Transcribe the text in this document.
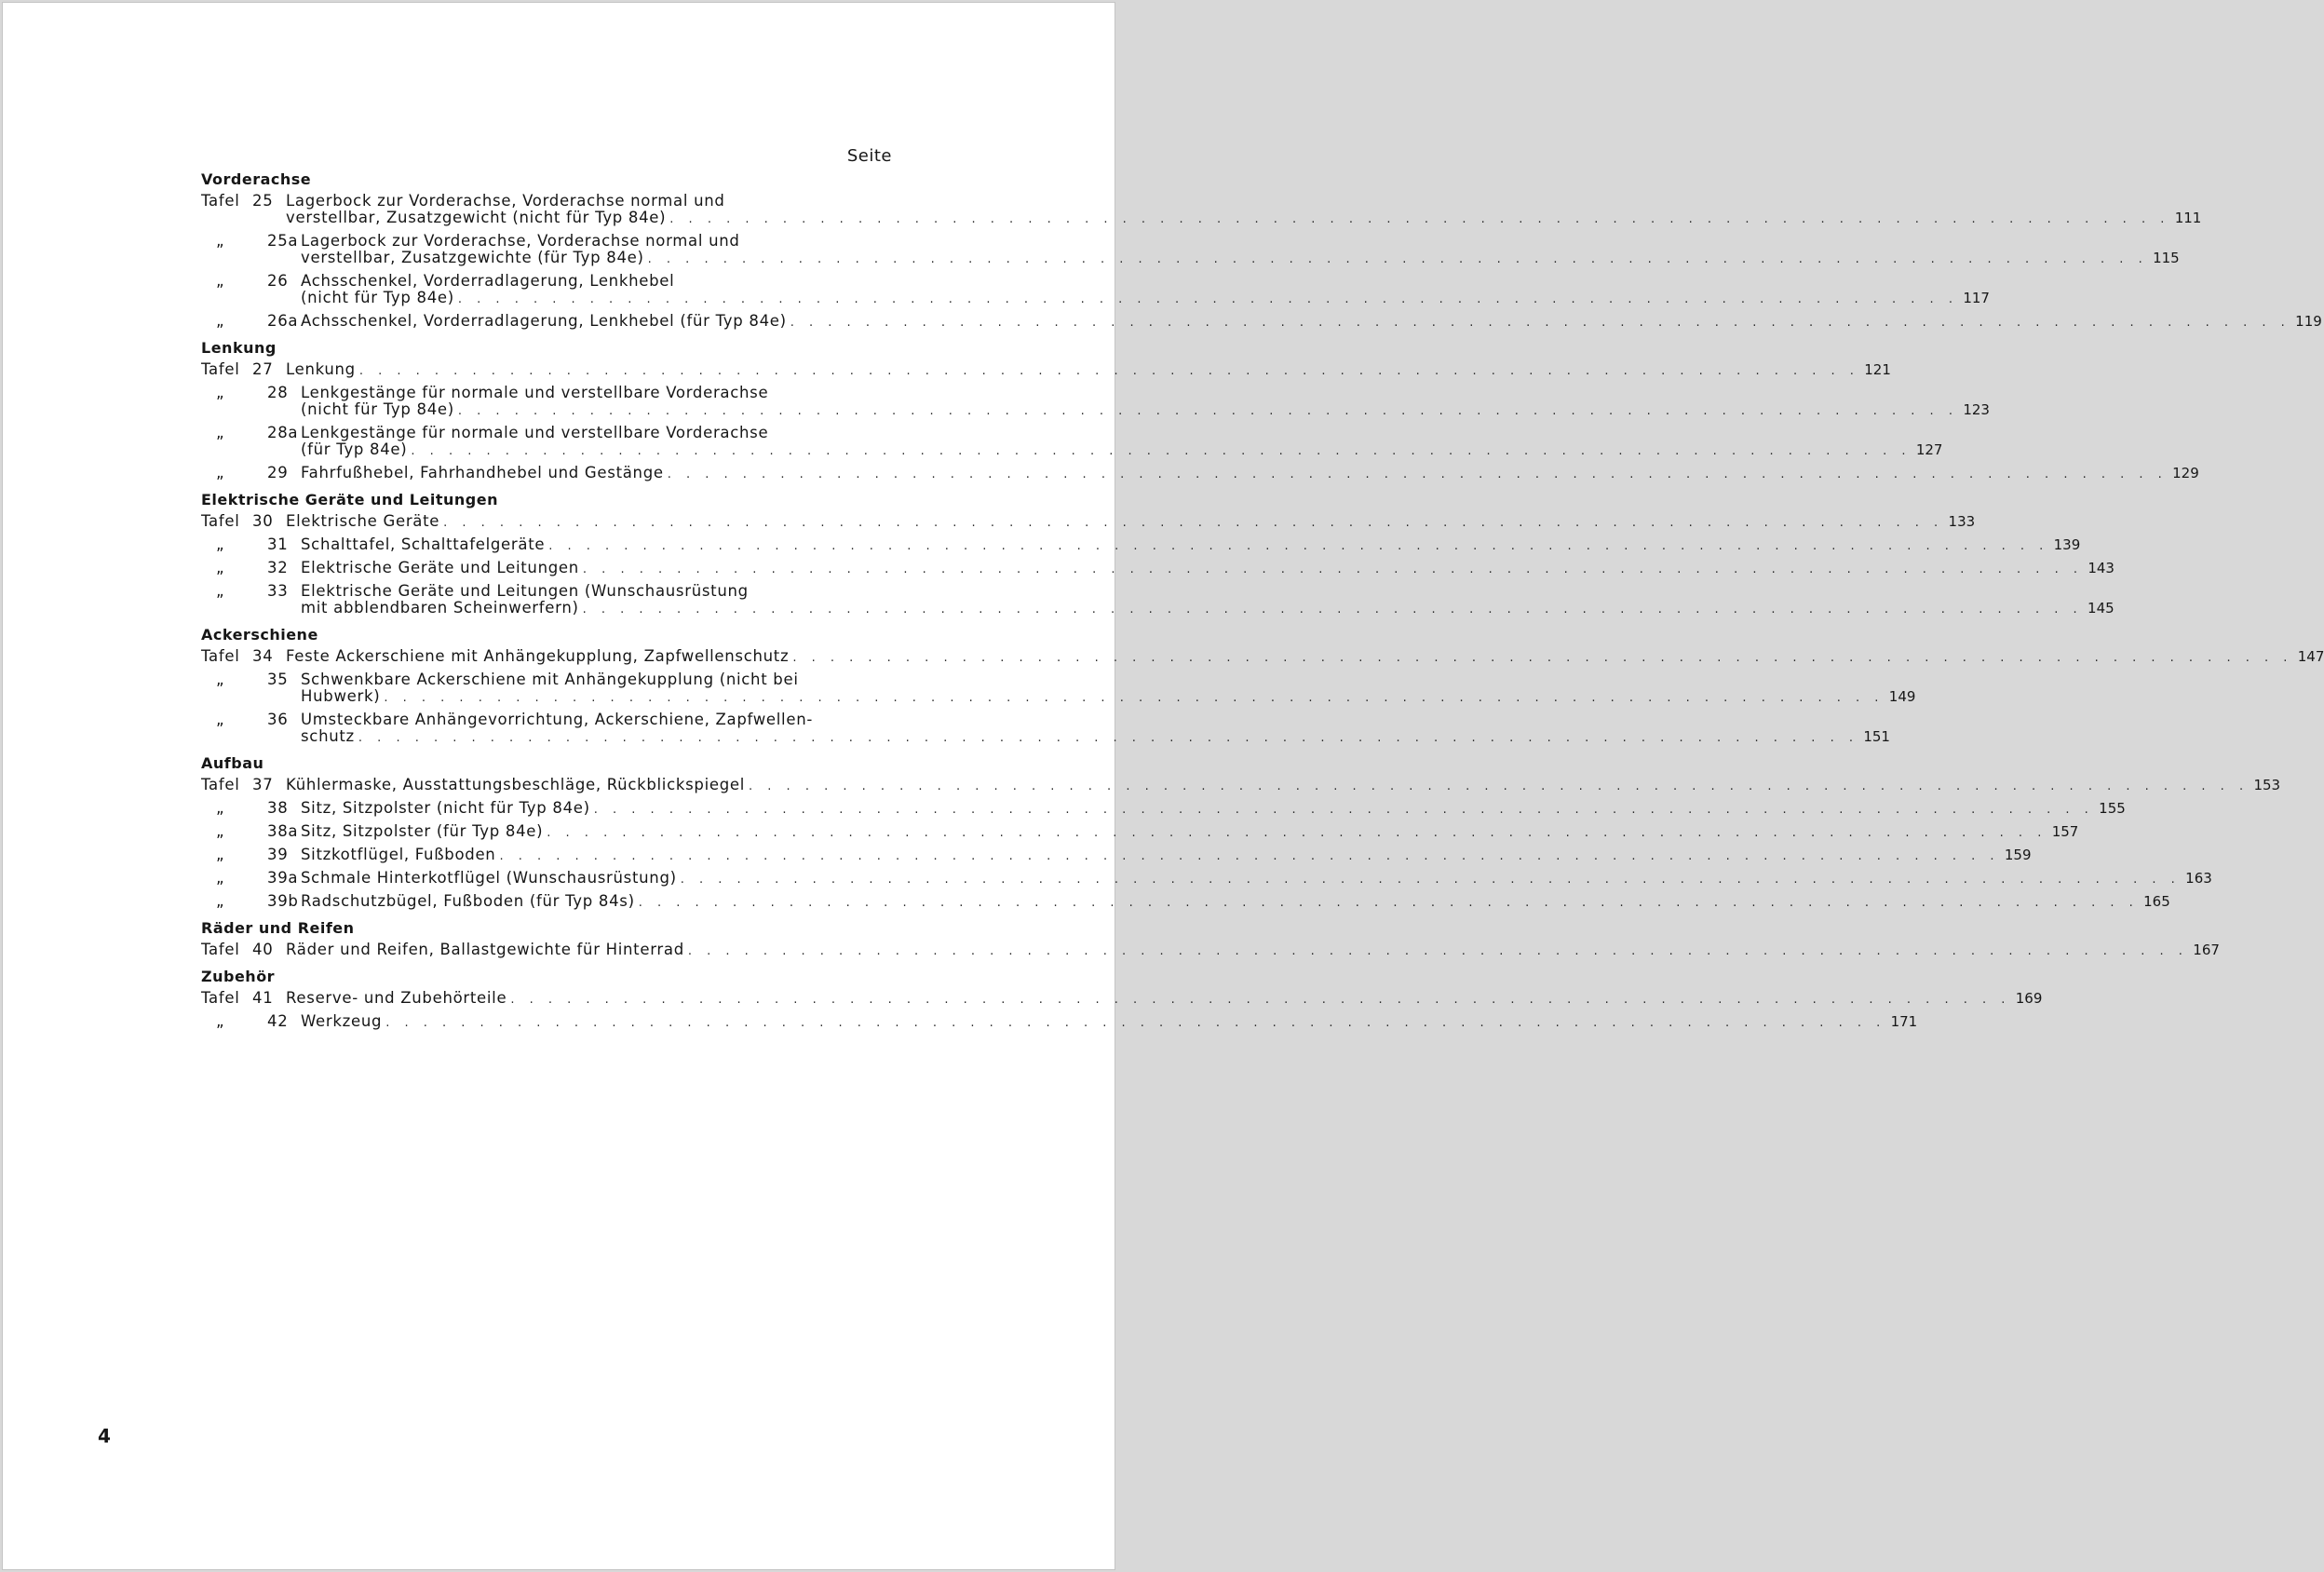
Seite
Vorderachse
Tafel 25 Lagerbock zur Vorderachse, Vorderachse normal und
verstellbar, Zusatzgewicht (nicht für Typ 84e) . . . . . . . . . . . . . . . . . . . . . . . . . . . . . . . . . . . . . . . . . . . . . . . . . . . . . . . . . . . . . . . . . . . . . . . . . . . . . . . . 111
„	25a Lagerbock zur Vorderachse, Vorderachse normal und
verstellbar, Zusatzgewichte (für Typ 84e) . . . . . . . . . . . . . . . . . . . . . . . . . . . . . . . . . . . . . . . . . . . . . . . . . . . . . . . . . . . . . . . . . . . . . . . . . . . . . . . . 115
„	26 Achsschenkel, Vorderradlagerung, Lenkhebel
(nicht für Typ 84e) . . . . . . . . . . . . . . . . . . . . . . . . . . . . . . . . . . . . . . . . . . . . . . . . . . . . . . . . . . . . . . . . . . . . . . . . . . . . . . . . 117
„	26a Achsschenkel, Vorderradlagerung, Lenkhebel (für Typ 84e) . . . . . . . . . . . . . . . . . . . . . . . . . . . . . . . . . . . . . . . . . . . . . . . . . . . . . . . . . . . . . . . . . . . . . . . . . . . . . . . . 119
Lenkung
Tafel 27 Lenkung . . . . . . . . . . . . . . . . . . . . . . . . . . . . . . . . . . . . . . . . . . . . . . . . . . . . . . . . . . . . . . . . . . . . . . . . . . . . . . . . 121
„	28 Lenkgestänge für normale und verstellbare Vorderachse
(nicht für Typ 84e) . . . . . . . . . . . . . . . . . . . . . . . . . . . . . . . . . . . . . . . . . . . . . . . . . . . . . . . . . . . . . . . . . . . . . . . . . . . . . . . . 123
„	28a Lenkgestänge für normale und verstellbare Vorderachse
(für Typ 84e) . . . . . . . . . . . . . . . . . . . . . . . . . . . . . . . . . . . . . . . . . . . . . . . . . . . . . . . . . . . . . . . . . . . . . . . . . . . . . . . . 127
„	29 Fahrfußhebel, Fahrhandhebel und Gestänge . . . . . . . . . . . . . . . . . . . . . . . . . . . . . . . . . . . . . . . . . . . . . . . . . . . . . . . . . . . . . . . . . . . . . . . . . . . . . . . . 129
Elektrische Geräte und Leitungen
Tafel 30 Elektrische Geräte . . . . . . . . . . . . . . . . . . . . . . . . . . . . . . . . . . . . . . . . . . . . . . . . . . . . . . . . . . . . . . . . . . . . . . . . . . . . . . . . 133
„	31 Schalttafel, Schalttafelgeräte . . . . . . . . . . . . . . . . . . . . . . . . . . . . . . . . . . . . . . . . . . . . . . . . . . . . . . . . . . . . . . . . . . . . . . . . . . . . . . . . 139
„	32 Elektrische Geräte und Leitungen . . . . . . . . . . . . . . . . . . . . . . . . . . . . . . . . . . . . . . . . . . . . . . . . . . . . . . . . . . . . . . . . . . . . . . . . . . . . . . . . 143
„	33 Elektrische Geräte und Leitungen (Wunschausrüstung
mit abblendbaren Scheinwerfern) . . . . . . . . . . . . . . . . . . . . . . . . . . . . . . . . . . . . . . . . . . . . . . . . . . . . . . . . . . . . . . . . . . . . . . . . . . . . . . . . 145
Ackerschiene
Tafel 34 Feste Ackerschiene mit Anhängekupplung, Zapfwellenschutz . . . . . . . . . . . . . . . . . . . . . . . . . . . . . . . . . . . . . . . . . . . . . . . . . . . . . . . . . . . . . . . . . . . . . . . . . . . . . . . . 147
„	35 Schwenkbare Ackerschiene mit Anhängekupplung (nicht bei
Hubwerk) . . . . . . . . . . . . . . . . . . . . . . . . . . . . . . . . . . . . . . . . . . . . . . . . . . . . . . . . . . . . . . . . . . . . . . . . . . . . . . . . 149
„	36 Umsteckbare Anhängevorrichtung, Ackerschiene, Zapfwellen-
schutz . . . . . . . . . . . . . . . . . . . . . . . . . . . . . . . . . . . . . . . . . . . . . . . . . . . . . . . . . . . . . . . . . . . . . . . . . . . . . . . . 151
Aufbau
Tafel 37 Kühlermaske, Ausstattungsbeschläge, Rückblickspiegel . . . . . . . . . . . . . . . . . . . . . . . . . . . . . . . . . . . . . . . . . . . . . . . . . . . . . . . . . . . . . . . . . . . . . . . . . . . . . . . . 153
„	38 Sitz, Sitzpolster (nicht für Typ 84e) . . . . . . . . . . . . . . . . . . . . . . . . . . . . . . . . . . . . . . . . . . . . . . . . . . . . . . . . . . . . . . . . . . . . . . . . . . . . . . . . 155
„	38a Sitz, Sitzpolster (für Typ 84e) . . . . . . . . . . . . . . . . . . . . . . . . . . . . . . . . . . . . . . . . . . . . . . . . . . . . . . . . . . . . . . . . . . . . . . . . . . . . . . . . 157
„	39 Sitzkotflügel, Fußboden . . . . . . . . . . . . . . . . . . . . . . . . . . . . . . . . . . . . . . . . . . . . . . . . . . . . . . . . . . . . . . . . . . . . . . . . . . . . . . . . 159
„	39a Schmale Hinterkotflügel (Wunschausrüstung) . . . . . . . . . . . . . . . . . . . . . . . . . . . . . . . . . . . . . . . . . . . . . . . . . . . . . . . . . . . . . . . . . . . . . . . . . . . . . . . . 163
„	39b Radschutzbügel, Fußboden (für Typ 84s) . . . . . . . . . . . . . . . . . . . . . . . . . . . . . . . . . . . . . . . . . . . . . . . . . . . . . . . . . . . . . . . . . . . . . . . . . . . . . . . . 165
Räder und Reifen
Tafel 40 Räder und Reifen, Ballastgewichte für Hinterrad . . . . . . . . . . . . . . . . . . . . . . . . . . . . . . . . . . . . . . . . . . . . . . . . . . . . . . . . . . . . . . . . . . . . . . . . . . . . . . . . 167
Zubehör
Tafel 41 Reserve- und Zubehörteile . . . . . . . . . . . . . . . . . . . . . . . . . . . . . . . . . . . . . . . . . . . . . . . . . . . . . . . . . . . . . . . . . . . . . . . . . . . . . . . . 169
„	42 Werkzeug . . . . . . . . . . . . . . . . . . . . . . . . . . . . . . . . . . . . . . . . . . . . . . . . . . . . . . . . . . . . . . . . . . . . . . . . . . . . . . . . 171
4
